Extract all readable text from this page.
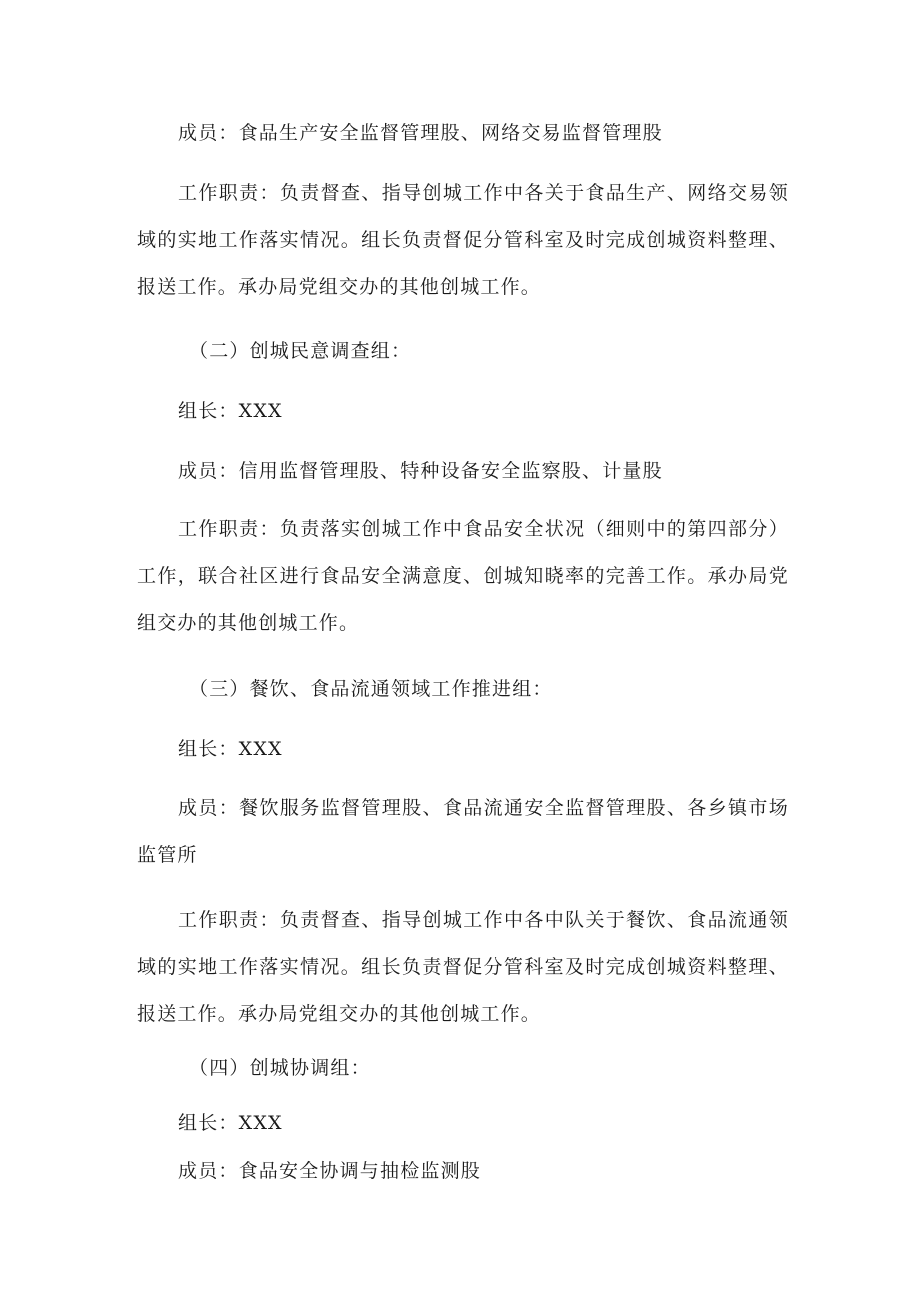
成员：食品生产安全监督管理股、网络交易监督管理股

工作职责：负责督查、指导创城工作中各关于食品生产、网络交易领域的实地工作落实情况。组长负责督促分管科室及时完成创城资料整理、报送工作。承办局党组交办的其他创城工作。

（二）创城民意调查组：

组长：XXX

成员：信用监督管理股、特种设备安全监察股、计量股

工作职责：负责落实创城工作中食品安全状况（细则中的第四部分）工作，联合社区进行食品安全满意度、创城知晓率的完善工作。承办局党组交办的其他创城工作。

（三）餐饮、食品流通领域工作推进组：

组长：XXX

成员：餐饮服务监督管理股、食品流通安全监督管理股、各乡镇市场监管所

工作职责：负责督查、指导创城工作中各中队关于餐饮、食品流通领域的实地工作落实情况。组长负责督促分管科室及时完成创城资料整理、报送工作。承办局党组交办的其他创城工作。

（四）创城协调组：

组长：XXX

成员：食品安全协调与抽检监测股
